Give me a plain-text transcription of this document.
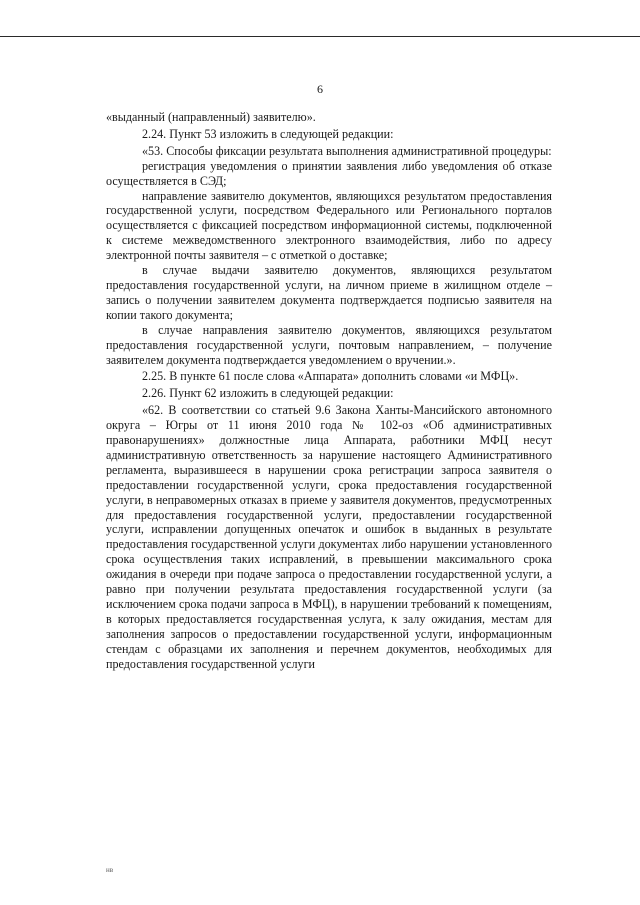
6

«выданный (направленный) заявителю».

2.24. Пункт 53 изложить в следующей редакции:

«53. Способы фиксации результата выполнения административной процедуры:

регистрация уведомления о принятии заявления либо уведомления об отказе осуществляется в СЭД;

направление заявителю документов, являющихся результатом предоставления государственной услуги, посредством Федерального или Регионального порталов осуществляется с фиксацией посредством информационной системы, подключенной к системе межведомственного электронного взаимодействия, либо по адресу электронной почты заявителя – с отметкой о доставке;

в случае выдачи заявителю документов, являющихся результатом предоставления государственной услуги, на личном приеме в жилищном отделе – запись о получении заявителем документа подтверждается подписью заявителя на копии такого документа;

в случае направления заявителю документов, являющихся результатом предоставления государственной услуги, почтовым направлением, – получение заявителем документа подтверждается уведомлением о вручении.».

2.25. В пункте 61 после слова «Аппарата» дополнить словами «и МФЦ».

2.26. Пункт 62 изложить в следующей редакции:

«62. В соответствии со статьей 9.6 Закона Ханты-Мансийского автономного округа – Югры от 11 июня 2010 года № 102-оз «Об административных правонарушениях» должностные лица Аппарата, работники МФЦ несут административную ответственность за нарушение настоящего Административного регламента, выразившееся в нарушении срока регистрации запроса заявителя о предоставлении государственной услуги, срока предоставления государственной услуги, в неправомерных отказах в приеме у заявителя документов, предусмотренных для предоставления государственной услуги, предоставлении государственной услуги, исправлении допущенных опечаток и ошибок в выданных в результате предоставления государственной услуги документах либо нарушении установленного срока осуществления таких исправлений, в превышении максимального срока ожидания в очереди при подаче запроса о предоставлении государственной услуги, а равно при получении результата предоставления государственной услуги (за исключением срока подачи запроса в МФЦ), в нарушении требований к помещениям, в которых предоставляется государственная услуга, к залу ожидания, местам для заполнения запросов о предоставлении государственной услуги, информационным стендам с образцами их заполнения и перечнем документов, необходимых для предоставления государственной услуги

нв
